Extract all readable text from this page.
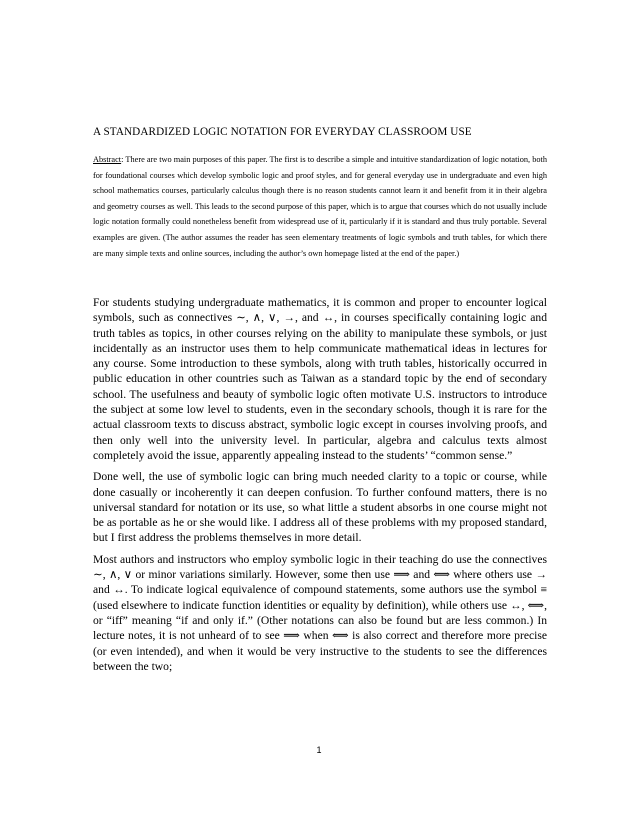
A STANDARDIZED LOGIC NOTATION FOR EVERYDAY CLASSROOM USE

Abstract: There are two main purposes of this paper. The first is to describe a simple and intuitive standardization of logic notation, both for foundational courses which develop symbolic logic and proof styles, and for general everyday use in undergraduate and even high school mathematics courses, particularly calculus though there is no reason students cannot learn it and benefit from it in their algebra and geometry courses as well. This leads to the second purpose of this paper, which is to argue that courses which do not usually include logic notation formally could nonetheless benefit from widespread use of it, particularly if it is standard and thus truly portable. Several examples are given. (The author assumes the reader has seen elementary treatments of logic symbols and truth tables, for which there are many simple texts and online sources, including the author’s own homepage listed at the end of the paper.)

For students studying undergraduate mathematics, it is common and proper to encounter logical symbols, such as connectives ∼, ∧, ∨, →, and ↔, in courses specifically containing logic and truth tables as topics, in other courses relying on the ability to manipulate these symbols, or just incidentally as an instructor uses them to help communicate mathematical ideas in lectures for any course. Some introduction to these symbols, along with truth tables, historically occurred in public education in other countries such as Taiwan as a standard topic by the end of secondary school. The usefulness and beauty of symbolic logic often motivate U.S. instructors to introduce the subject at some low level to students, even in the secondary schools, though it is rare for the actual classroom texts to discuss abstract, symbolic logic except in courses involving proofs, and then only well into the university level. In particular, algebra and calculus texts almost completely avoid the issue, apparently appealing instead to the students’ “common sense.”

Done well, the use of symbolic logic can bring much needed clarity to a topic or course, while done casually or incoherently it can deepen confusion. To further confound matters, there is no universal standard for notation or its use, so what little a student absorbs in one course might not be as portable as he or she would like. I address all of these problems with my proposed standard, but I first address the problems themselves in more detail.

Most authors and instructors who employ symbolic logic in their teaching do use the connectives ∼, ∧, ∨ or minor variations similarly. However, some then use ⟹ and ⟺ where others use → and ↔. To indicate logical equivalence of compound statements, some authors use the symbol ≡ (used elsewhere to indicate function identities or equality by definition), while others use ↔, ⟺, or “iff” meaning “if and only if.” (Other notations can also be found but are less common.) In lecture notes, it is not unheard of to see ⟹ when ⟺ is also correct and therefore more precise (or even intended), and when it would be very instructive to the students to see the differences between the two;

1
